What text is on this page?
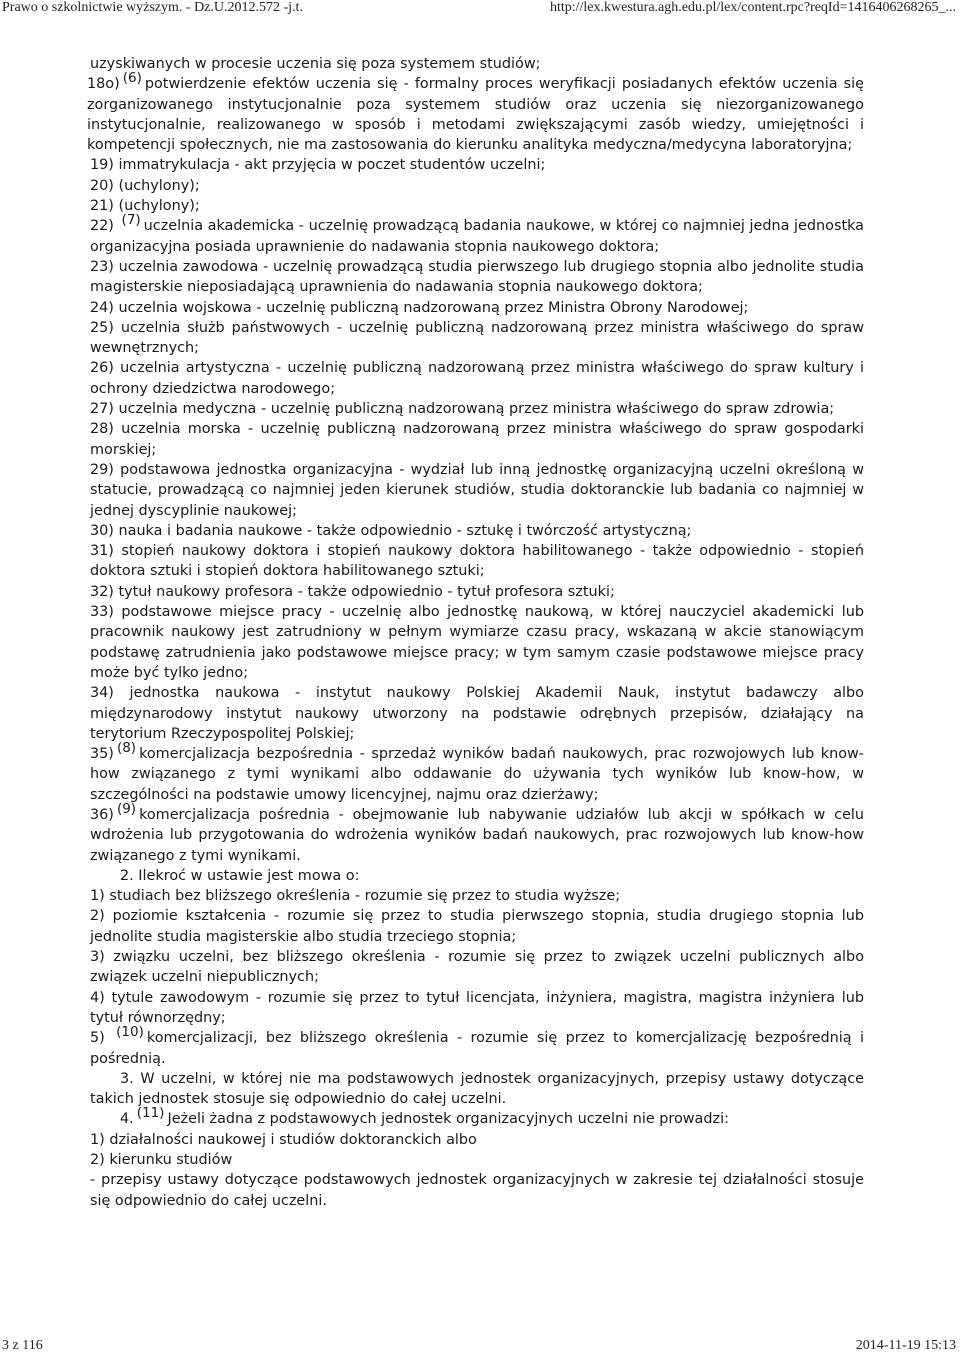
Prawo o szkolnictwie wyższym. - Dz.U.2012.572 -j.t.	http://lex.kwestura.agh.edu.pl/lex/content.rpc?reqId=1416406268265_...

uzyskiwanych w procesie uczenia się poza systemem studiów;

18o) (6) potwierdzenie efektów uczenia się - formalny proces weryfikacji posiadanych efektów uczenia się zorganizowanego instytucjonalnie poza systemem studiów oraz uczenia się niezorganizowanego instytucjonalnie, realizowanego w sposób i metodami zwiększającymi zasób wiedzy, umiejętności i kompetencji społecznych, nie ma zastosowania do kierunku analityka medyczna/medycyna laboratoryjna;

19) immatrykulacja - akt przyjęcia w poczet studentów uczelni;

20) (uchylony);

21) (uchylony);

22) (7) uczelnia akademicka - uczelnię prowadzącą badania naukowe, w której co najmniej jedna jednostka organizacyjna posiada uprawnienie do nadawania stopnia naukowego doktora;

23) uczelnia zawodowa - uczelnię prowadzącą studia pierwszego lub drugiego stopnia albo jednolite studia magisterskie nieposiadającą uprawnienia do nadawania stopnia naukowego doktora;

24) uczelnia wojskowa - uczelnię publiczną nadzorowaną przez Ministra Obrony Narodowej;

25) uczelnia służb państwowych - uczelnię publiczną nadzorowaną przez ministra właściwego do spraw wewnętrznych;

26) uczelnia artystyczna - uczelnię publiczną nadzorowaną przez ministra właściwego do spraw kultury i ochrony dziedzictwa narodowego;

27) uczelnia medyczna - uczelnię publiczną nadzorowaną przez ministra właściwego do spraw zdrowia;

28) uczelnia morska - uczelnię publiczną nadzorowaną przez ministra właściwego do spraw gospodarki morskiej;

29) podstawowa jednostka organizacyjna - wydział lub inną jednostkę organizacyjną uczelni określoną w statucie, prowadzącą co najmniej jeden kierunek studiów, studia doktoranckie lub badania co najmniej w jednej dyscyplinie naukowej;

30) nauka i badania naukowe - także odpowiednio - sztukę i twórczość artystyczną;

31) stopień naukowy doktora i stopień naukowy doktora habilitowanego - także odpowiednio - stopień doktora sztuki i stopień doktora habilitowanego sztuki;

32) tytuł naukowy profesora - także odpowiednio - tytuł profesora sztuki;

33) podstawowe miejsce pracy - uczelnię albo jednostkę naukową, w której nauczyciel akademicki lub pracownik naukowy jest zatrudniony w pełnym wymiarze czasu pracy, wskazaną w akcie stanowiącym podstawę zatrudnienia jako podstawowe miejsce pracy; w tym samym czasie podstawowe miejsce pracy może być tylko jedno;

34) jednostka naukowa - instytut naukowy Polskiej Akademii Nauk, instytut badawczy albo międzynarodowy instytut naukowy utworzony na podstawie odrębnych przepisów, działający na terytorium Rzeczypospolitej Polskiej;

35) (8) komercjalizacja bezpośrednia - sprzedaż wyników badań naukowych, prac rozwojowych lub know-how związanego z tymi wynikami albo oddawanie do używania tych wyników lub know-how, w szczególności na podstawie umowy licencyjnej, najmu oraz dzierżawy;

36) (9) komercjalizacja pośrednia - obejmowanie lub nabywanie udziałów lub akcji w spółkach w celu wdrożenia lub przygotowania do wdrożenia wyników badań naukowych, prac rozwojowych lub know-how związanego z tymi wynikami.

2. Ilekroć w ustawie jest mowa o:

1) studiach bez bliższego określenia - rozumie się przez to studia wyższe;

2) poziomie kształcenia - rozumie się przez to studia pierwszego stopnia, studia drugiego stopnia lub jednolite studia magisterskie albo studia trzeciego stopnia;

3) związku uczelni, bez bliższego określenia - rozumie się przez to związek uczelni publicznych albo związek uczelni niepublicznych;

4) tytule zawodowym - rozumie się przez to tytuł licencjata, inżyniera, magistra, magistra inżyniera lub tytuł równorzędny;

5) (10) komercjalizacji, bez bliższego określenia - rozumie się przez to komercjalizację bezpośrednią i pośrednią.

3. W uczelni, w której nie ma podstawowych jednostek organizacyjnych, przepisy ustawy dotyczące takich jednostek stosuje się odpowiednio do całej uczelni.

4. (11) Jeżeli żadna z podstawowych jednostek organizacyjnych uczelni nie prowadzi:

1) działalności naukowej i studiów doktoranckich albo

2) kierunku studiów

- przepisy ustawy dotyczące podstawowych jednostek organizacyjnych w zakresie tej działalności stosuje się odpowiednio do całej uczelni.

3 z 116	2014-11-19 15:13
